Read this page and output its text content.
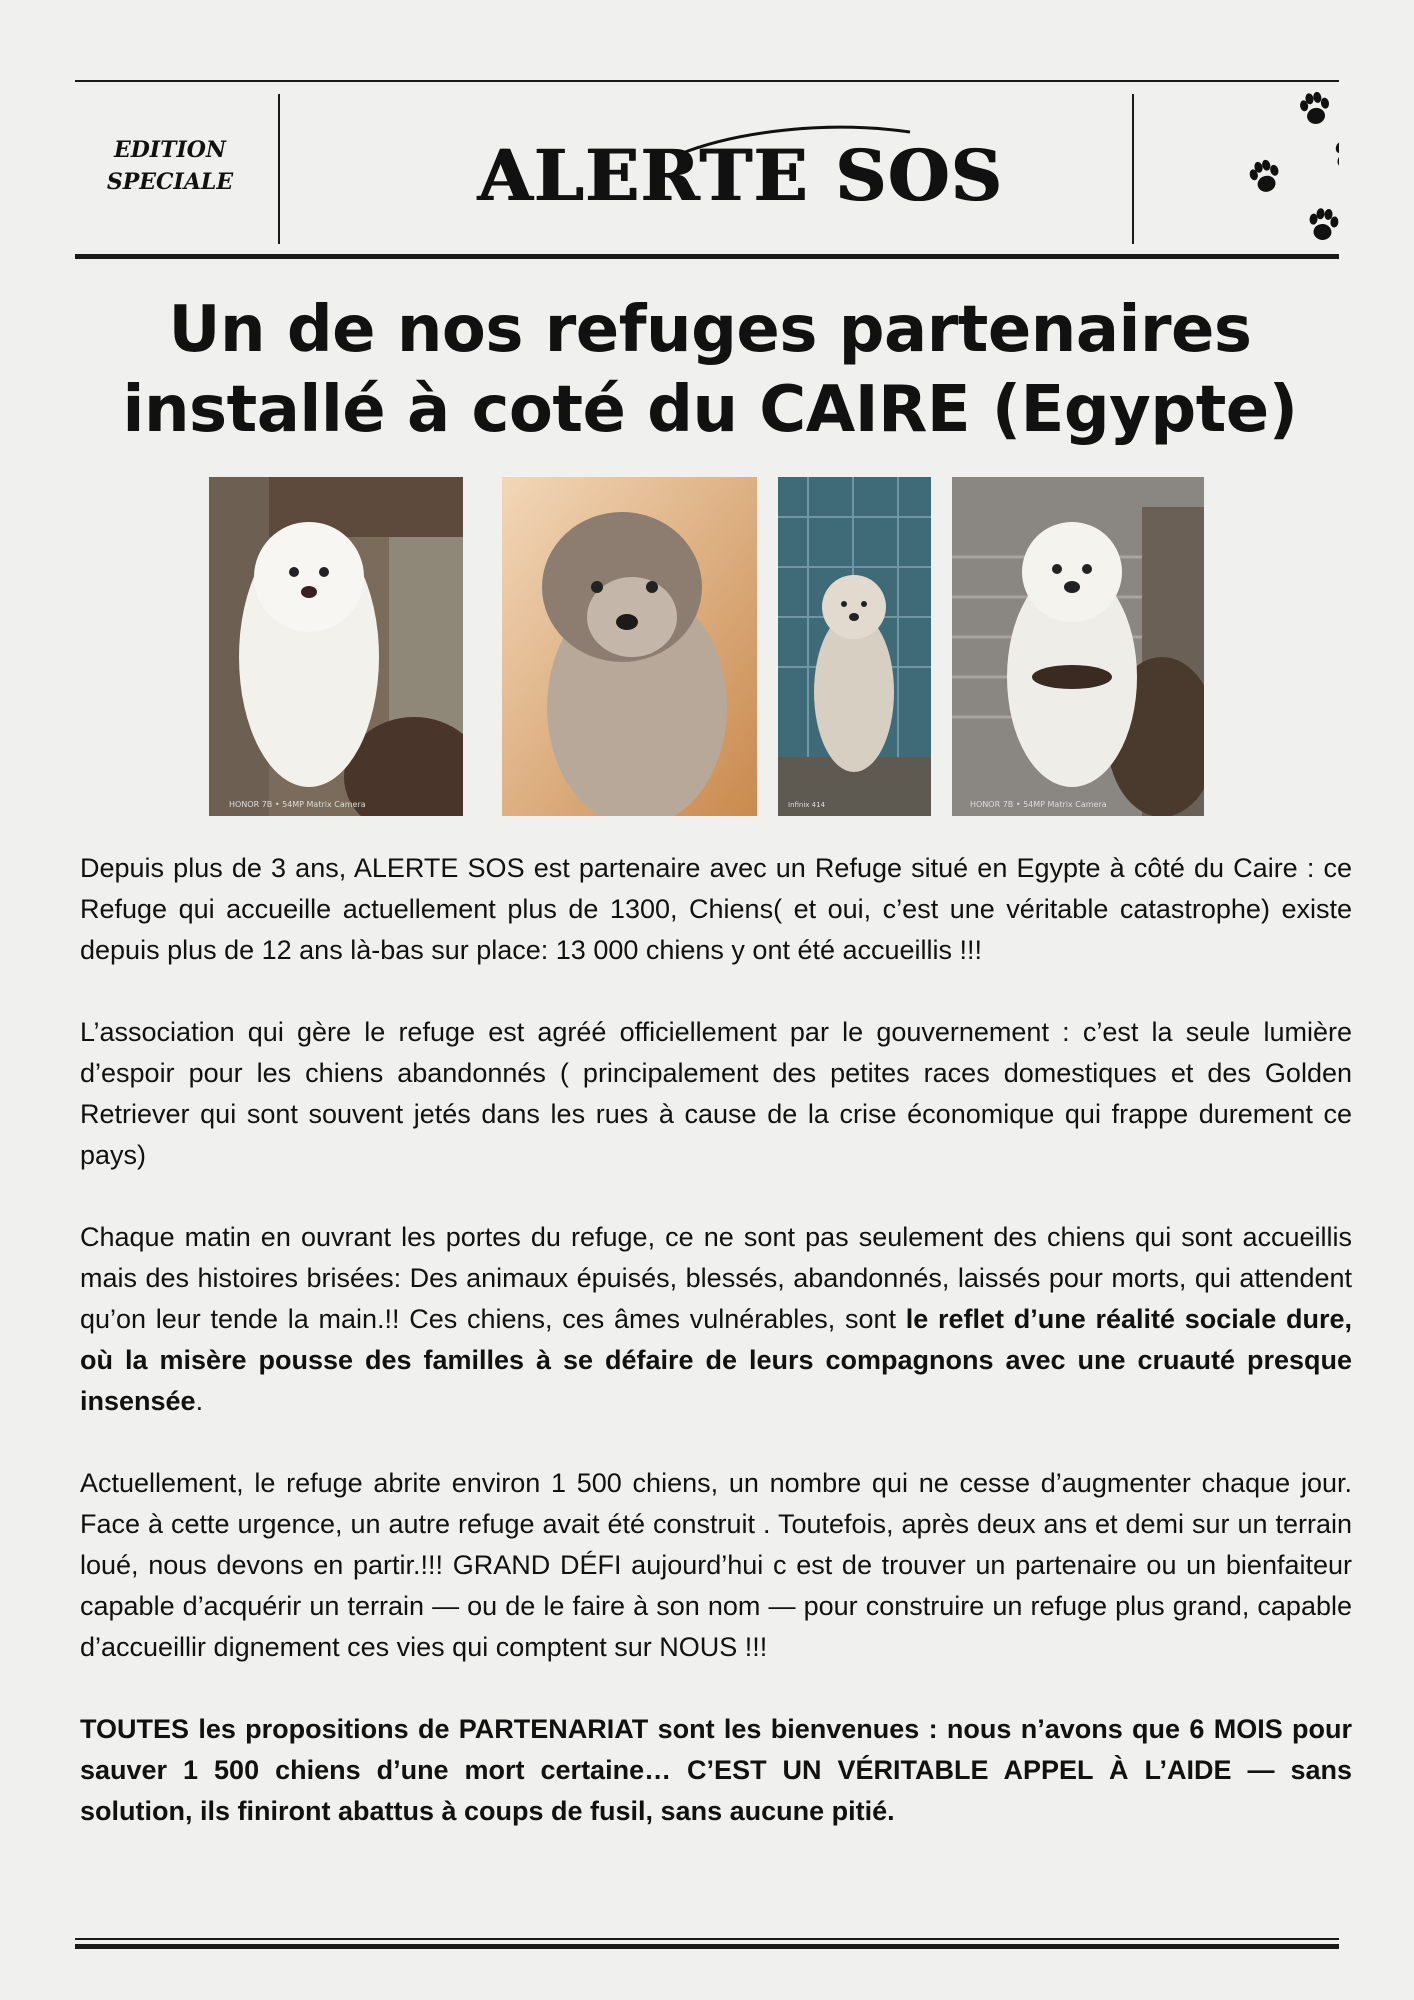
EDITION
SPECIALE	ALERTE SOS
Un de nos refuges partenaires
installé à coté du CAIRE (Egypte)
HONOR 7B • 54MP Matrix Camera	Infinix 414	HONOR 7B • 54MP Matrix Camera

Depuis plus de 3 ans, ALERTE SOS est partenaire avec un Refuge situé en Egypte à côté du Caire : ce Refuge qui accueille actuellement plus de 1300, Chiens( et oui, c’est une véritable catastrophe) existe depuis plus de 12 ans là-bas sur place: 13 000 chiens y ont été accueillis !!!

L’association qui gère le refuge est agréé officiellement par le gouvernement : c’est la seule lumière d’espoir pour les chiens abandonnés ( principalement des petites races domestiques et des Golden Retriever qui sont souvent jetés dans les rues à cause de la crise économique qui frappe durement ce pays)

Chaque matin en ouvrant les portes du refuge, ce ne sont pas seulement des chiens qui sont accueillis mais des histoires brisées: Des animaux épuisés, blessés, abandonnés, laissés pour morts, qui attendent qu’on leur tende la main.!! Ces chiens, ces âmes vulnérables, sont le reflet d’une réalité sociale dure, où la misère pousse des familles à se défaire de leurs compagnons avec une cruauté presque insensée.

Actuellement, le refuge abrite environ 1 500 chiens, un nombre qui ne cesse d’augmenter chaque jour. Face à cette urgence, un autre refuge avait été construit . Toutefois, après deux ans et demi sur un terrain loué, nous devons en partir.!!! GRAND DÉFI aujourd’hui c est de trouver un partenaire ou un bienfaiteur capable d’acquérir un terrain — ou de le faire à son nom — pour construire un refuge plus grand, capable d’accueillir dignement ces vies qui comptent sur NOUS !!!

TOUTES les propositions de PARTENARIAT sont les bienvenues : nous n’avons que 6 MOIS pour sauver 1 500 chiens d’une mort certaine… C’EST UN VÉRITABLE APPEL À L’AIDE — sans solution, ils finiront abattus à coups de fusil, sans aucune pitié.
